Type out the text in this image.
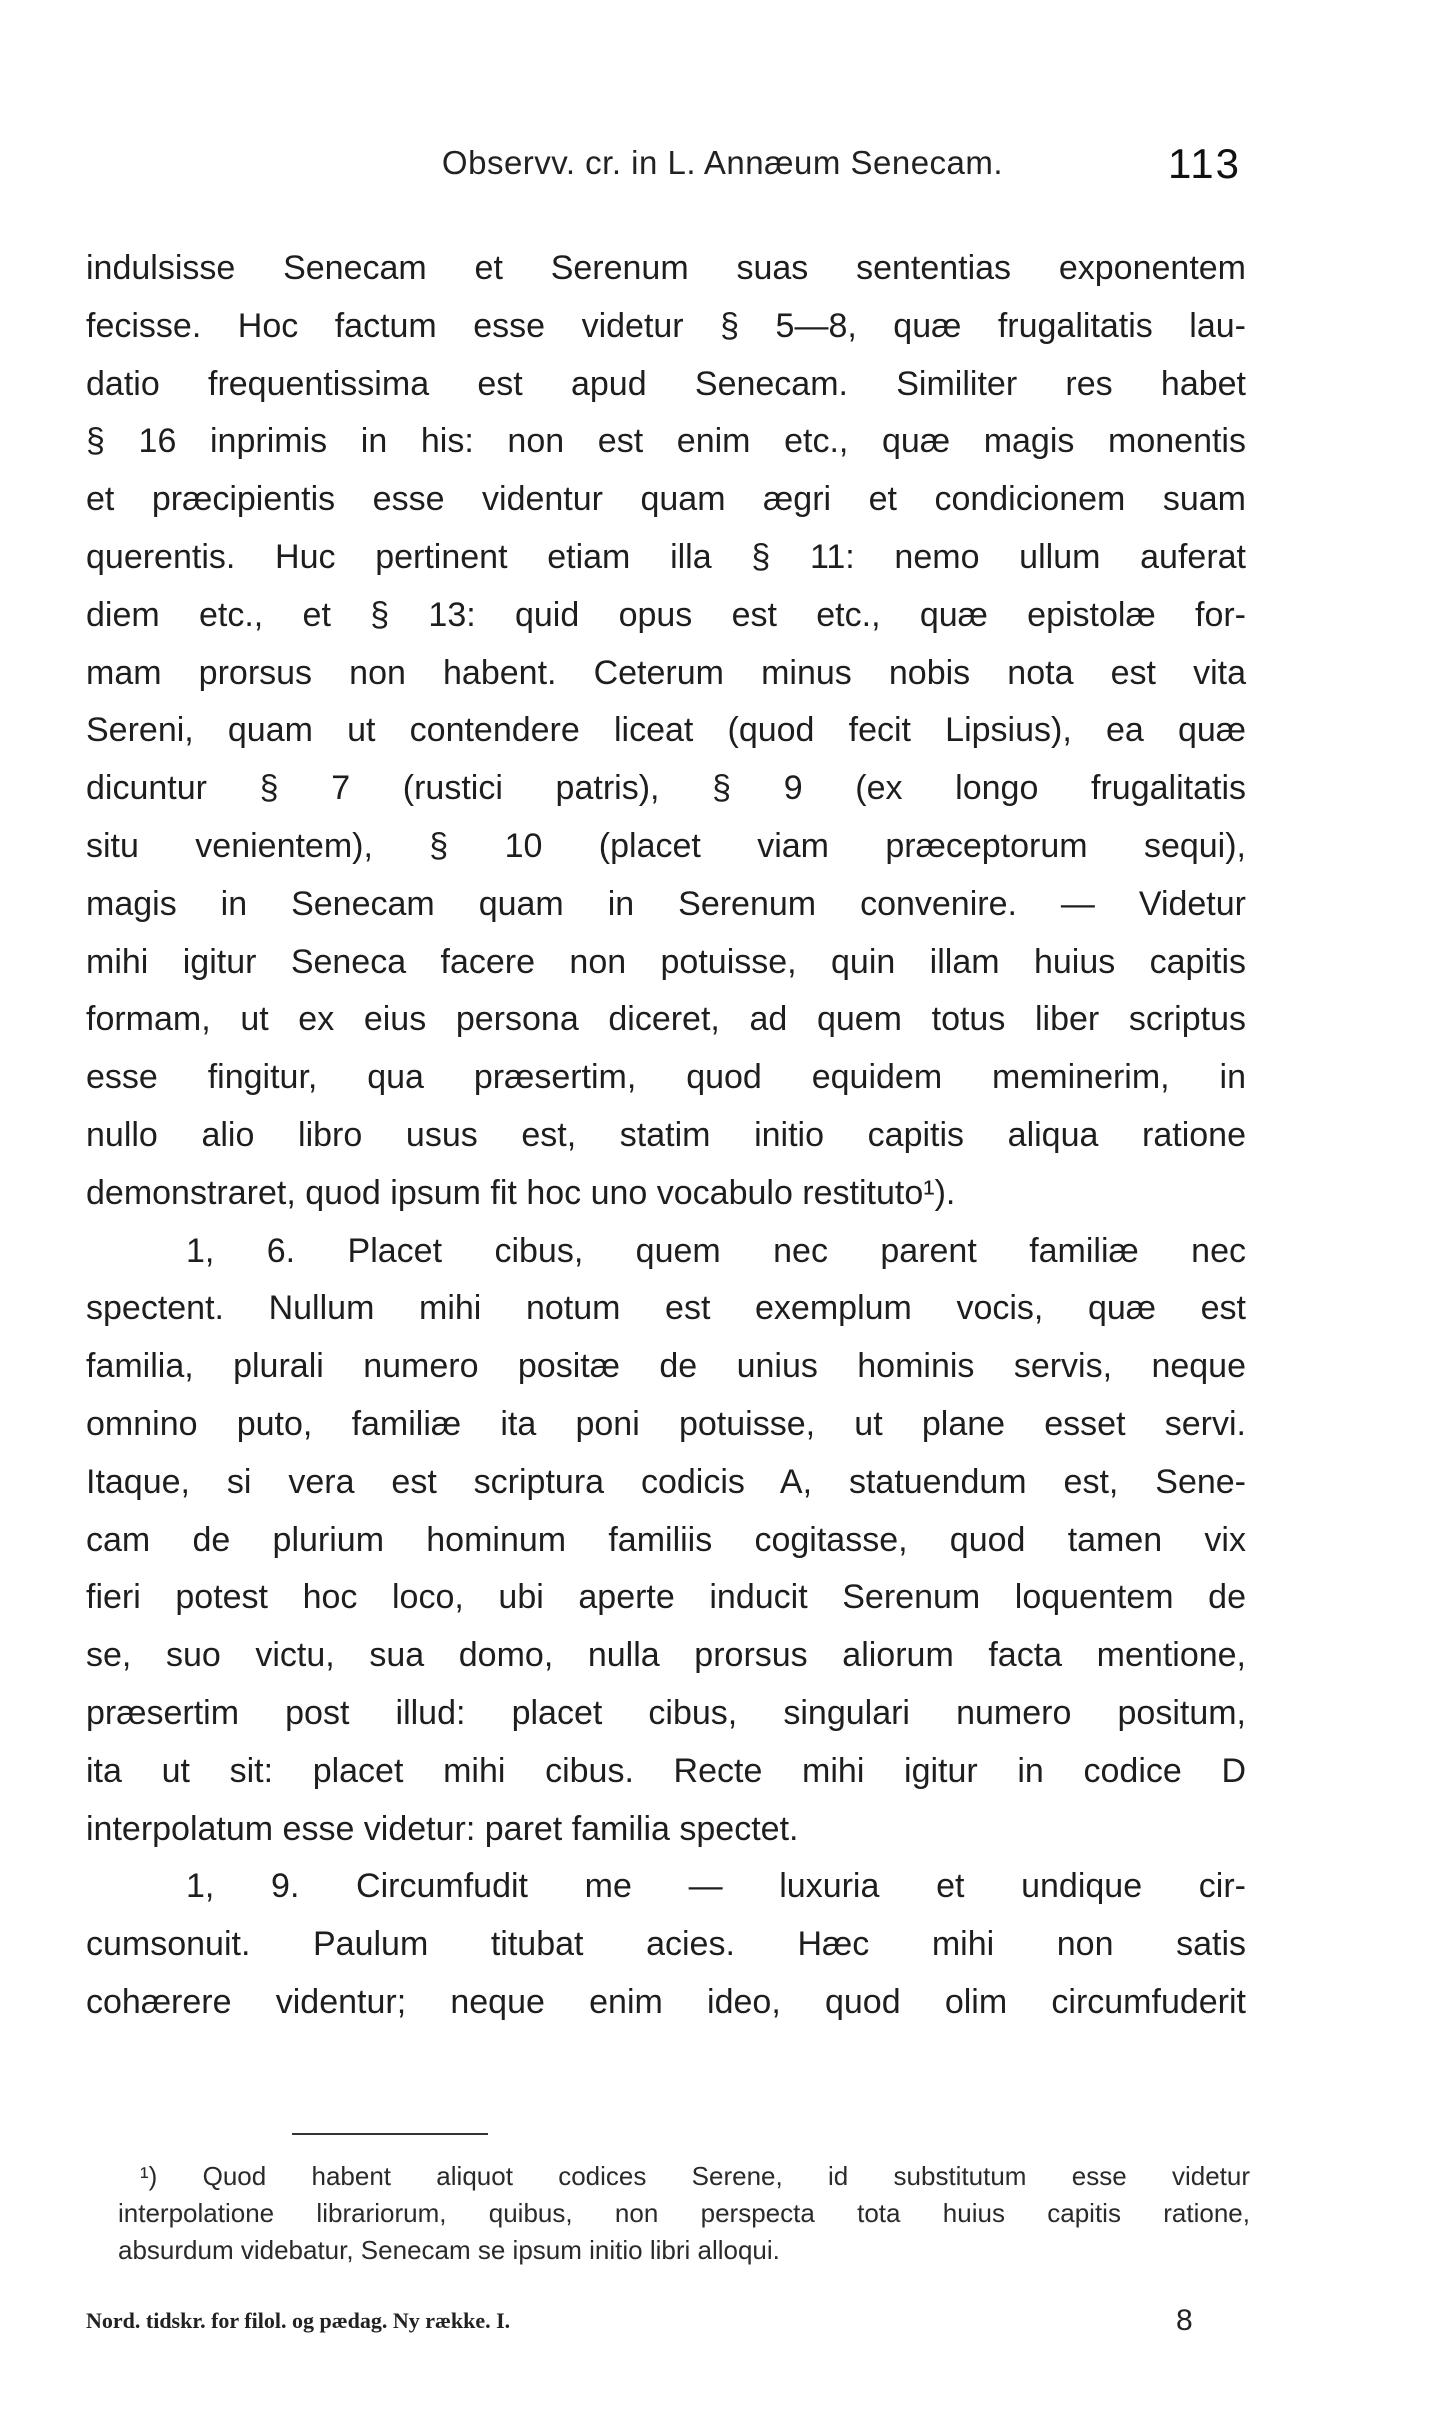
Observv. cr. in L. Annæum Senecam.	113
indulsisse Senecam et Serenum suas sententias exponentem
fecisse. Hoc factum esse videtur § 5—8, quæ frugalitatis lau-
datio frequentissima est apud Senecam. Similiter res habet
§ 16 inprimis in his: non est enim etc., quæ magis monentis
et præcipientis esse videntur quam ægri et condicionem suam
querentis. Huc pertinent etiam illa § 11: nemo ullum auferat
diem etc., et § 13: quid opus est etc., quæ epistolæ for-
mam prorsus non habent. Ceterum minus nobis nota est vita
Sereni, quam ut contendere liceat (quod fecit Lipsius), ea quæ
dicuntur § 7 (rustici patris), § 9 (ex longo frugalitatis
situ venientem), § 10 (placet viam præceptorum sequi),
magis in Senecam quam in Serenum convenire. — Videtur
mihi igitur Seneca facere non potuisse, quin illam huius capitis
formam, ut ex eius persona diceret, ad quem totus liber scriptus
esse fingitur, qua præsertim, quod equidem meminerim, in
nullo alio libro usus est, statim initio capitis aliqua ratione
demonstraret, quod ipsum fit hoc uno vocabulo restituto¹).
1, 6. Placet cibus, quem nec parent familiæ nec
spectent. Nullum mihi notum est exemplum vocis, quæ est
familia, plurali numero positæ de unius hominis servis, neque
omnino puto, familiæ ita poni potuisse, ut plane esset servi.
Itaque, si vera est scriptura codicis A, statuendum est, Sene-
cam de plurium hominum familiis cogitasse, quod tamen vix
fieri potest hoc loco, ubi aperte inducit Serenum loquentem de
se, suo victu, sua domo, nulla prorsus aliorum facta mentione,
præsertim post illud: placet cibus, singulari numero positum,
ita ut sit: placet mihi cibus. Recte mihi igitur in codice D
interpolatum esse videtur: paret familia spectet.
1, 9. Circumfudit me — luxuria et undique cir-
cumsonuit. Paulum titubat acies. Hæc mihi non satis
cohærere videntur; neque enim ideo, quod olim circumfuderit
¹) Quod habent aliquot codices Serene, id substitutum esse videtur
interpolatione librariorum, quibus, non perspecta tota huius capitis ratione,
absurdum videbatur, Senecam se ipsum initio libri alloqui.
Nord. tidskr. for filol. og pædag. Ny række. I.	8
